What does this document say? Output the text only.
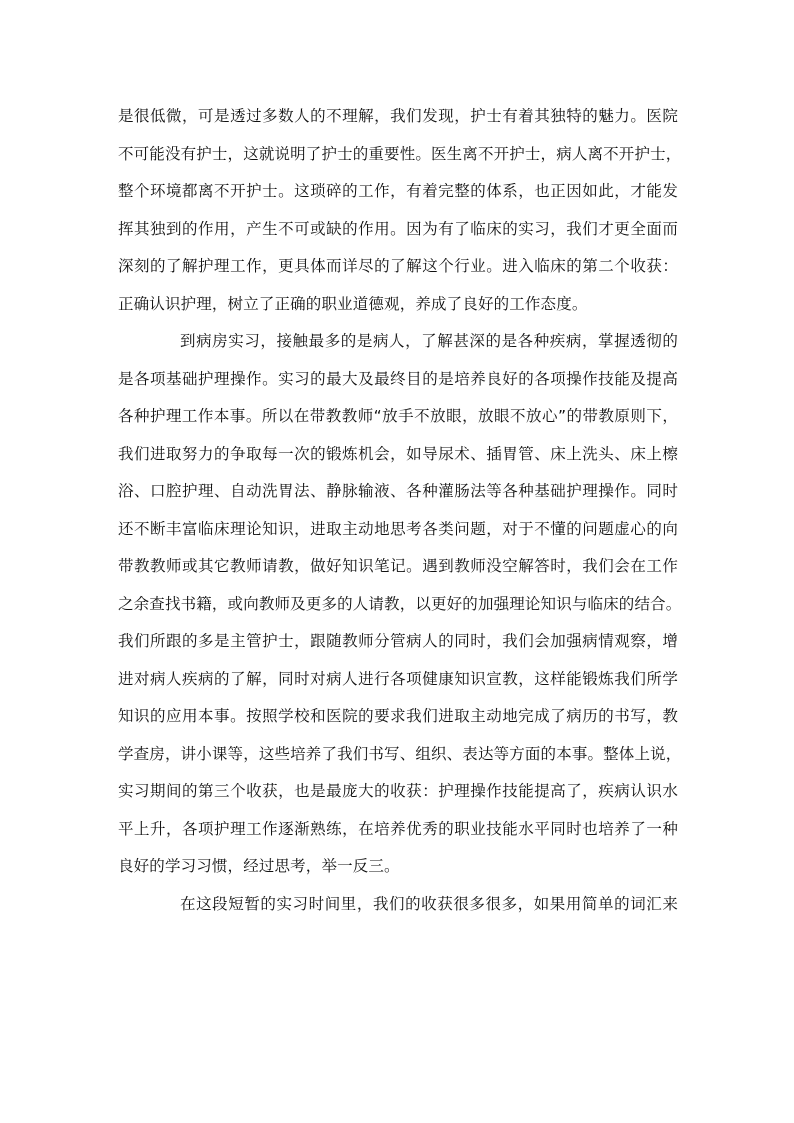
是很低微，可是透过多数人的不理解，我们发现，护士有着其独特的魅力。医院
不可能没有护士，这就说明了护士的重要性。医生离不开护士，病人离不开护士，
整个环境都离不开护士。这琐碎的工作，有着完整的体系，也正因如此，才能发
挥其独到的作用，产生不可或缺的作用。因为有了临床的实习，我们才更全面而
深刻的了解护理工作，更具体而详尽的了解这个行业。进入临床的第二个收获：
正确认识护理，树立了正确的职业道德观，养成了良好的工作态度。
到病房实习，接触最多的是病人，了解甚深的是各种疾病，掌握透彻的
是各项基础护理操作。实习的最大及最终目的是培养良好的各项操作技能及提高
各种护理工作本事。所以在带教教师“放手不放眼，放眼不放心”的带教原则下，
我们进取努力的争取每一次的锻炼机会，如导尿术、插胃管、床上洗头、床上檫
浴、口腔护理、自动洗胃法、静脉输液、各种灌肠法等各种基础护理操作。同时
还不断丰富临床理论知识，进取主动地思考各类问题，对于不懂的问题虚心的向
带教教师或其它教师请教，做好知识笔记。遇到教师没空解答时，我们会在工作
之余查找书籍，或向教师及更多的人请教，以更好的加强理论知识与临床的结合。
我们所跟的多是主管护士，跟随教师分管病人的同时，我们会加强病情观察，增
进对病人疾病的了解，同时对病人进行各项健康知识宣教，这样能锻炼我们所学
知识的应用本事。按照学校和医院的要求我们进取主动地完成了病历的书写，教
学查房，讲小课等，这些培养了我们书写、组织、表达等方面的本事。整体上说，
实习期间的第三个收获，也是最庞大的收获：护理操作技能提高了，疾病认识水
平上升，各项护理工作逐渐熟练，在培养优秀的职业技能水平同时也培养了一种
良好的学习习惯，经过思考，举一反三。
在这段短暂的实习时间里，我们的收获很多很多，如果用简单的词汇来
